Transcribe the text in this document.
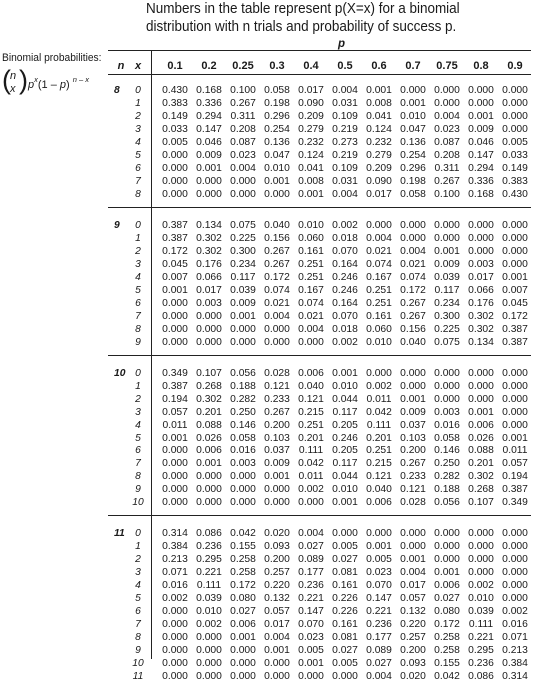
Numbers in the table represent p(X=x) for a binomial
distribution with n trials and probability of success p.
Binomial probabilities:
( n
x ) $p^x(1 - p)$ $^{n - x}$
p
n x	0.1	0.2	0.25	0.3	0.4	0.5	0.6	0.7	0.75	0.8	0.9
8	0	0.430 0.168 0.100 0.058 0.017 0.004 0.001 0.000 0.000 0.000 0.000
1	0.383 0.336 0.267 0.198 0.090 0.031 0.008 0.001 0.000 0.000 0.000
2	0.149 0.294 0.311 0.296 0.209 0.109 0.041 0.010 0.004 0.001 0.000
3	0.033 0.147 0.208 0.254 0.279 0.219 0.124 0.047 0.023 0.009 0.000
4	0.005 0.046 0.087 0.136 0.232 0.273 0.232 0.136 0.087 0.046 0.005
5	0.000 0.009 0.023 0.047 0.124 0.219 0.279 0.254 0.208 0.147 0.033
6	0.000 0.001 0.004 0.010 0.041 0.109 0.209 0.296 0.311 0.294 0.149
7	0.000 0.000 0.000 0.001 0.008 0.031 0.090 0.198 0.267 0.336 0.383
8	0.000 0.000 0.000 0.000 0.001 0.004 0.017 0.058 0.100 0.168 0.430
9	0	0.387 0.134 0.075 0.040 0.010 0.002 0.000 0.000 0.000 0.000 0.000
1	0.387 0.302 0.225 0.156 0.060 0.018 0.004 0.000 0.000 0.000 0.000
2	0.172 0.302 0.300 0.267 0.161 0.070 0.021 0.004 0.001 0.000 0.000
3	0.045 0.176 0.234 0.267 0.251 0.164 0.074 0.021 0.009 0.003 0.000
4	0.007 0.066 0.117 0.172 0.251 0.246 0.167 0.074 0.039 0.017 0.001
5	0.001 0.017 0.039 0.074 0.167 0.246 0.251 0.172 0.117 0.066 0.007
6	0.000 0.003 0.009 0.021 0.074 0.164 0.251 0.267 0.234 0.176 0.045
7	0.000 0.000 0.001 0.004 0.021 0.070 0.161 0.267 0.300 0.302 0.172
8	0.000 0.000 0.000 0.000 0.004 0.018 0.060 0.156 0.225 0.302 0.387
9	0.000 0.000 0.000 0.000 0.000 0.002 0.010 0.040 0.075 0.134 0.387
10 0	0.349 0.107 0.056 0.028 0.006 0.001 0.000 0.000 0.000 0.000 0.000
1	0.387 0.268 0.188 0.121 0.040 0.010 0.002 0.000 0.000 0.000 0.000
2	0.194 0.302 0.282 0.233 0.121 0.044 0.011 0.001 0.000 0.000 0.000
3	0.057 0.201 0.250 0.267 0.215 0.117 0.042 0.009 0.003 0.001 0.000
4	0.011 0.088 0.146 0.200 0.251 0.205 0.111 0.037 0.016 0.006 0.000
5	0.001 0.026 0.058 0.103 0.201 0.246 0.201 0.103 0.058 0.026 0.001
6	0.000 0.006 0.016 0.037 0.111 0.205 0.251 0.200 0.146 0.088 0.011
7	0.000 0.001 0.003 0.009 0.042 0.117 0.215 0.267 0.250 0.201 0.057
8	0.000 0.000 0.000 0.001 0.011 0.044 0.121 0.233 0.282 0.302 0.194
9	0.000 0.000 0.000 0.000 0.002 0.010 0.040 0.121 0.188 0.268 0.387
10	0.000 0.000 0.000 0.000 0.000 0.001 0.006 0.028 0.056 0.107 0.349
11	0	0.314 0.086 0.042 0.020 0.004 0.000 0.000 0.000 0.000 0.000 0.000
1	0.384 0.236 0.155 0.093 0.027 0.005 0.001 0.000 0.000 0.000 0.000
2	0.213 0.295 0.258 0.200 0.089 0.027 0.005 0.001 0.000 0.000 0.000
3	0.071 0.221 0.258 0.257 0.177 0.081 0.023 0.004 0.001 0.000 0.000
4	0.016 0.111 0.172 0.220 0.236 0.161 0.070 0.017 0.006 0.002 0.000
5	0.002 0.039 0.080 0.132 0.221 0.226 0.147 0.057 0.027 0.010 0.000
6	0.000 0.010 0.027 0.057 0.147 0.226 0.221 0.132 0.080 0.039 0.002
7	0.000 0.002 0.006 0.017 0.070 0.161 0.236 0.220 0.172 0.111 0.016
8	0.000 0.000 0.001 0.004 0.023 0.081 0.177 0.257 0.258 0.221 0.071
9	0.000 0.000 0.000 0.001 0.005 0.027 0.089 0.200 0.258 0.295 0.213
10	0.000 0.000 0.000 0.000 0.001 0.005 0.027 0.093 0.155 0.236 0.384
11	0.000 0.000 0.000 0.000 0.000 0.000 0.004 0.020 0.042 0.086 0.314
